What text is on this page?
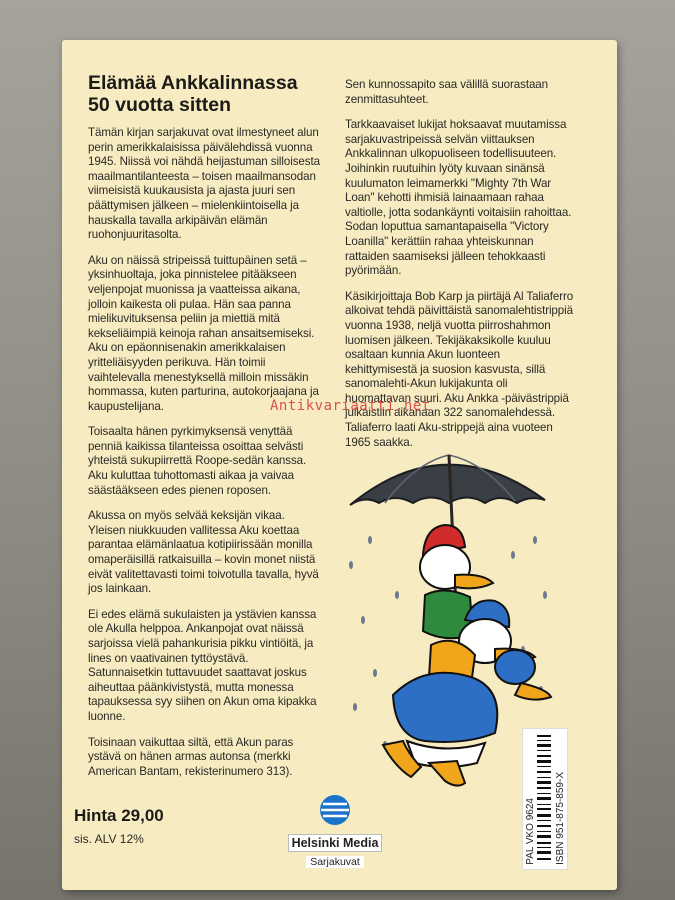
Elämää Ankkalinnassa
50 vuotta sitten

Tämän kirjan sarjakuvat ovat ilmestyneet alun perin amerikkalaisissa päivälehdissä vuonna 1945. Niissä voi nähdä heijastuman silloisesta maailmantilanteesta – toisen maailmansodan viimeisistä kuukausista ja ajasta juuri sen päättymisen jälkeen – mielenkiintoisella ja hauskalla tavalla arkipäivän elämän ruohonjuuritasolta.

Aku on näissä stripeissä tuittupäinen setä – yksinhuoltaja, joka pinnistelee pitääkseen veljenpojat muonissa ja vaatteissa aikana, jolloin kaikesta oli pulaa. Hän saa panna mielikuvituksensa peliin ja miettiä mitä kekseliäimpiä keinoja rahan ansaitsemiseksi. Aku on epäonnisenakin amerikkalaisen yritteliäisyyden perikuva. Hän toimii vaihtelevalla menestyksellä milloin missäkin hommassa, kuten parturina, autokorjaajana ja kaupustelijana.

Toisaalta hänen pyrkimyksensä venyttää penniä kaikissa tilanteissa osoittaa selvästi yhteistä sukupiirrettä Roope-sedän kanssa. Aku kuluttaa tuhottomasti aikaa ja vaivaa säästääkseen edes pienen roposen.

Akussa on myös selvää keksijän vikaa. Yleisen niukkuuden vallitessa Aku koettaa parantaa elämänlaatua kotipiirissään monilla omaperäisillä ratkaisuilla – kovin monet niistä eivät valitettavasti toimi toivotulla tavalla, hyvä jos lainkaan.

Ei edes elämä sukulaisten ja ystävien kanssa ole Akulla helppoa. Ankanpojat ovat näissä sarjoissa vielä pahankurisia pikku vintiöitä, ja lines on vaativainen tyttöystävä. Satunnaisetkin tuttavuudet saattavat joskus aiheuttaa päänkivistystä, mutta monessa tapauksessa syy siihen on Akun oma kipakka luonne.

Toisinaan vaikuttaa siltä, että Akun paras ystävä on hänen armas autonsa (merkki American Bantam, rekisterinumero 313).

Sen kunnossapito saa välillä suorastaan zenmittasuhteet.

Tarkkaavaiset lukijat hoksaavat muutamissa sarjakuvastripeissä selvän viittauksen Ankkalinnan ulkopuoliseen todellisuuteen. Joihinkin ruutuihin lyöty kuvaan sinänsä kuulumaton leimamerkki "Mighty 7th War Loan" kehotti ihmisiä lainaamaan rahaa valtiolle, jotta sodankäynti voitaisiin rahoittaa. Sodan loputtua samantapaisella "Victory Loanilla" kerättiin rahaa yhteiskunnan rattaiden saamiseksi jälleen tehokkaasti pyörimään.

Käsikirjoittaja Bob Karp ja piirtäjä Al Taliaferro alkoivat tehdä päivittäistä sanomalehtistrippiä vuonna 1938, neljä vuotta piirroshahmon luomisen jälkeen. Tekijäkaksikolle kuuluu osaltaan kunnia Akun luonteen kehittymisestä ja suosion kasvusta, sillä sanomalehti-Akun lukijakunta oli huomattavan suuri. Aku Ankka -päivästrippiä julkaistiin aikanaan 322 sanomalehdessä. Taliaferro laati Aku-strippejä aina vuoteen 1965 saakka.

Antikvariaatti.net
Hinta 29,00
sis. ALV 12%	Helsinki Media
Sarjakuvat	PAL VKO 9624 ISBN 951-875-859-X
